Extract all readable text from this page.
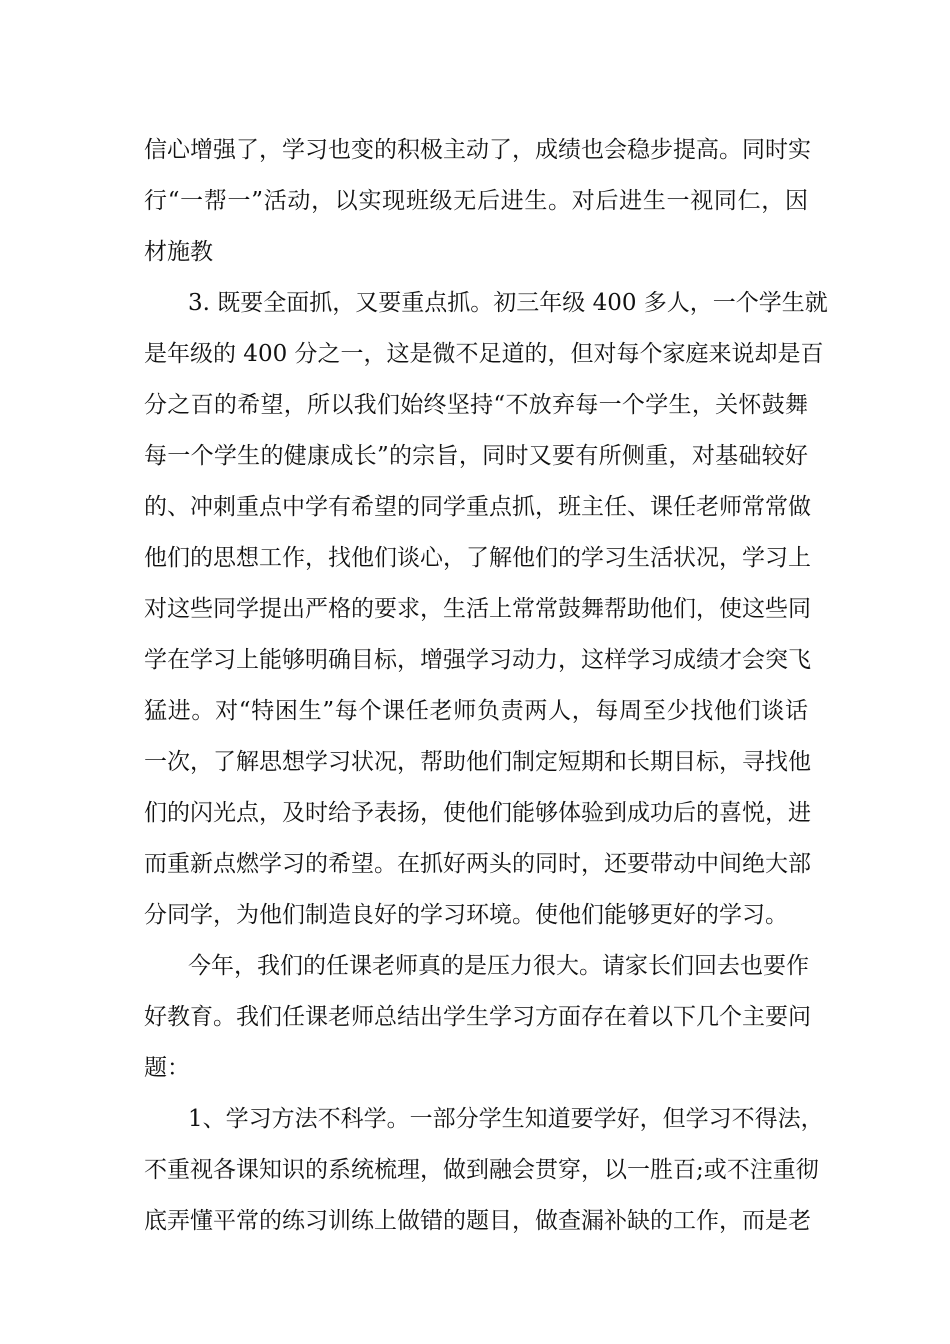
信心增强了，学习也变的积极主动了，成绩也会稳步提高。同时实
行“一帮一”活动，以实现班级无后进生。对后进生一视同仁，因
材施教
3. 既要全面抓，又要重点抓。初三年级 400 多人，一个学生就
是年级的 400 分之一，这是微不足道的，但对每个家庭来说却是百
分之百的希望，所以我们始终坚持“不放弃每一个学生，关怀鼓舞
每一个学生的健康成长”的宗旨，同时又要有所侧重，对基础较好
的、冲刺重点中学有希望的同学重点抓，班主任、课任老师常常做
他们的思想工作，找他们谈心，了解他们的学习生活状况，学习上
对这些同学提出严格的要求，生活上常常鼓舞帮助他们，使这些同
学在学习上能够明确目标，增强学习动力，这样学习成绩才会突飞
猛进。对“特困生”每个课任老师负责两人，每周至少找他们谈话
一次，了解思想学习状况，帮助他们制定短期和长期目标，寻找他
们的闪光点，及时给予表扬，使他们能够体验到成功后的喜悦，进
而重新点燃学习的希望。在抓好两头的同时，还要带动中间绝大部
分同学，为他们制造良好的学习环境。使他们能够更好的学习。
今年，我们的任课老师真的是压力很大。请家长们回去也要作
好教育。我们任课老师总结出学生学习方面存在着以下几个主要问
题：
1、学习方法不科学。一部分学生知道要学好，但学习不得法，
不重视各课知识的系统梳理，做到融会贯穿，以一胜百;或不注重彻
底弄懂平常的练习训练上做错的题目，做查漏补缺的工作，而是老
